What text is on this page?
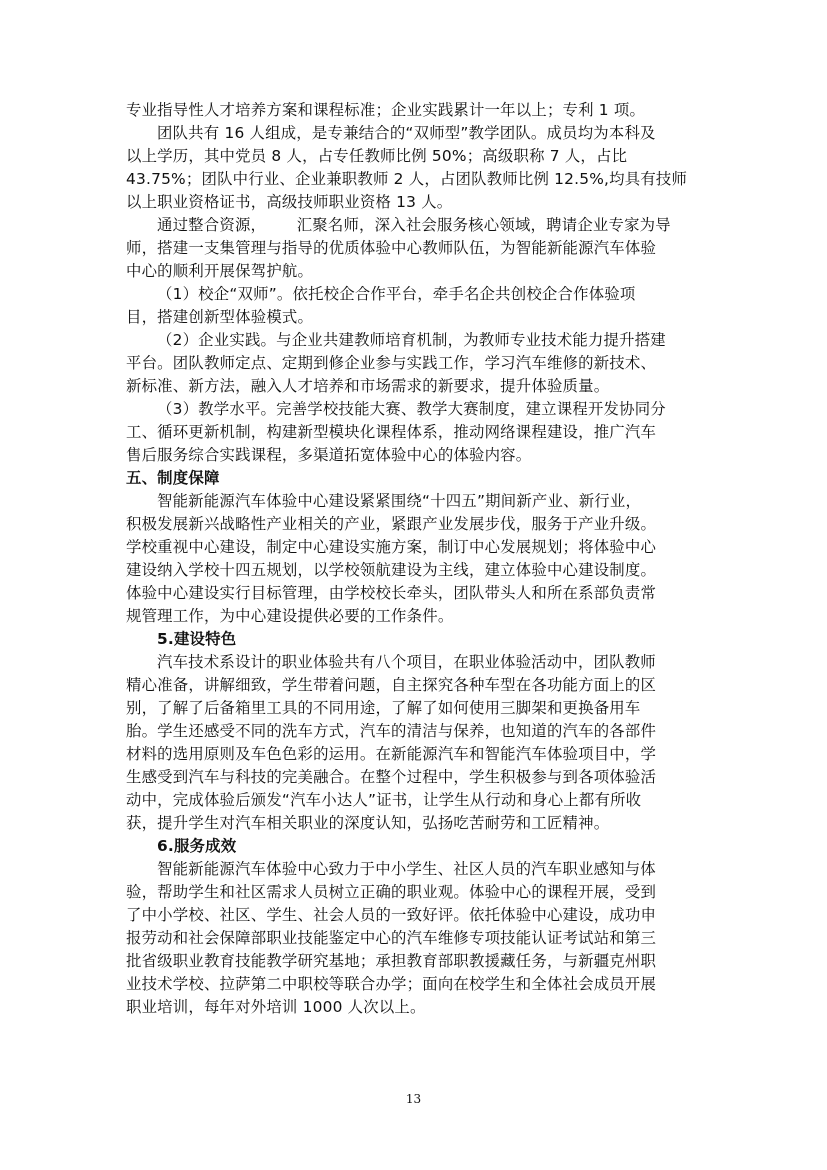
专业指导性人才培养方案和课程标准；企业实践累计一年以上；专利 1 项。
团队共有 16 人组成，是专兼结合的“双师型”教学团队。成员均为本科及
以上学历，其中党员 8 人，占专任教师比例 50%；高级职称 7 人，占比
43.75%；团队中行业、企业兼职教师 2 人，占团队教师比例 12.5%,均具有技师
以上职业资格证书，高级技师职业资格 13 人。
通过整合资源，      汇聚名师，深入社会服务核心领域，聘请企业专家为导
师，搭建一支集管理与指导的优质体验中心教师队伍，为智能新能源汽车体验
中心的顺利开展保驾护航。
（1）校企“双师”。依托校企合作平台，牵手名企共创校企合作体验项
目，搭建创新型体验模式。
（2）企业实践。与企业共建教师培育机制，为教师专业技术能力提升搭建
平台。团队教师定点、定期到修企业参与实践工作，学习汽车维修的新技术、
新标准、新方法，融入人才培养和市场需求的新要求，提升体验质量。
（3）教学水平。完善学校技能大赛、教学大赛制度，建立课程开发协同分
工、循环更新机制，构建新型模块化课程体系，推动网络课程建设，推广汽车
售后服务综合实践课程，多渠道拓宽体验中心的体验内容。
五、制度保障
智能新能源汽车体验中心建设紧紧围绕“十四五”期间新产业、新行业，
积极发展新兴战略性产业相关的产业，紧跟产业发展步伐，服务于产业升级。
学校重视中心建设，制定中心建设实施方案，制订中心发展规划；将体验中心
建设纳入学校十四五规划，以学校领航建设为主线，建立体验中心建设制度。
体验中心建设实行目标管理，由学校校长牵头，团队带头人和所在系部负责常
规管理工作，为中心建设提供必要的工作条件。
5.建设特色
汽车技术系设计的职业体验共有八个项目，在职业体验活动中，团队教师
精心准备，讲解细致，学生带着问题，自主探究各种车型在各功能方面上的区
别，了解了后备箱里工具的不同用途，了解了如何使用三脚架和更换备用车
胎。学生还感受不同的洗车方式，汽车的清洁与保养，也知道的汽车的各部件
材料的选用原则及车色色彩的运用。在新能源汽车和智能汽车体验项目中，学
生感受到汽车与科技的完美融合。在整个过程中，学生积极参与到各项体验活
动中，完成体验后颁发“汽车小达人”证书，让学生从行动和身心上都有所收
获，提升学生对汽车相关职业的深度认知，弘扬吃苦耐劳和工匠精神。
6.服务成效
智能新能源汽车体验中心致力于中小学生、社区人员的汽车职业感知与体
验，帮助学生和社区需求人员树立正确的职业观。体验中心的课程开展，受到
了中小学校、社区、学生、社会人员的一致好评。依托体验中心建设，成功申
报劳动和社会保障部职业技能鉴定中心的汽车维修专项技能认证考试站和第三
批省级职业教育技能教学研究基地；承担教育部职教援藏任务，与新疆克州职
业技术学校、拉萨第二中职校等联合办学；面向在校学生和全体社会成员开展
职业培训，每年对外培训 1000 人次以上。
13
